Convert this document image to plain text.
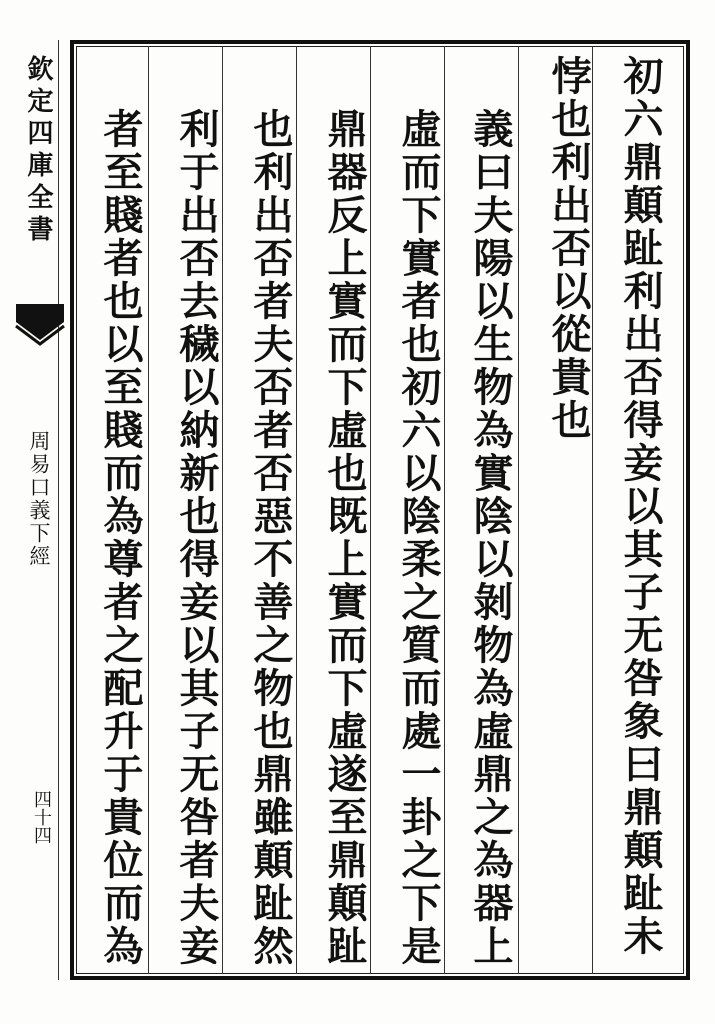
初六鼎顛趾利出否得妾以其子无咎象曰鼎顛趾未
悖也利出否以從貴也
義曰夫陽以生物為實陰以剝物為虛鼎之為器上
虛而下實者也初六以陰柔之質而處一卦之下是
鼎器反上實而下虛也既上實而下虛遂至鼎顛趾
也利出否者夫否者否惡不善之物也鼎雖顛趾然
利于出否去穢以納新也得妾以其子无咎者夫妾
者至賤者也以至賤而為尊者之配升于貴位而為
欽定四庫全書
周易口義下經
四十四
